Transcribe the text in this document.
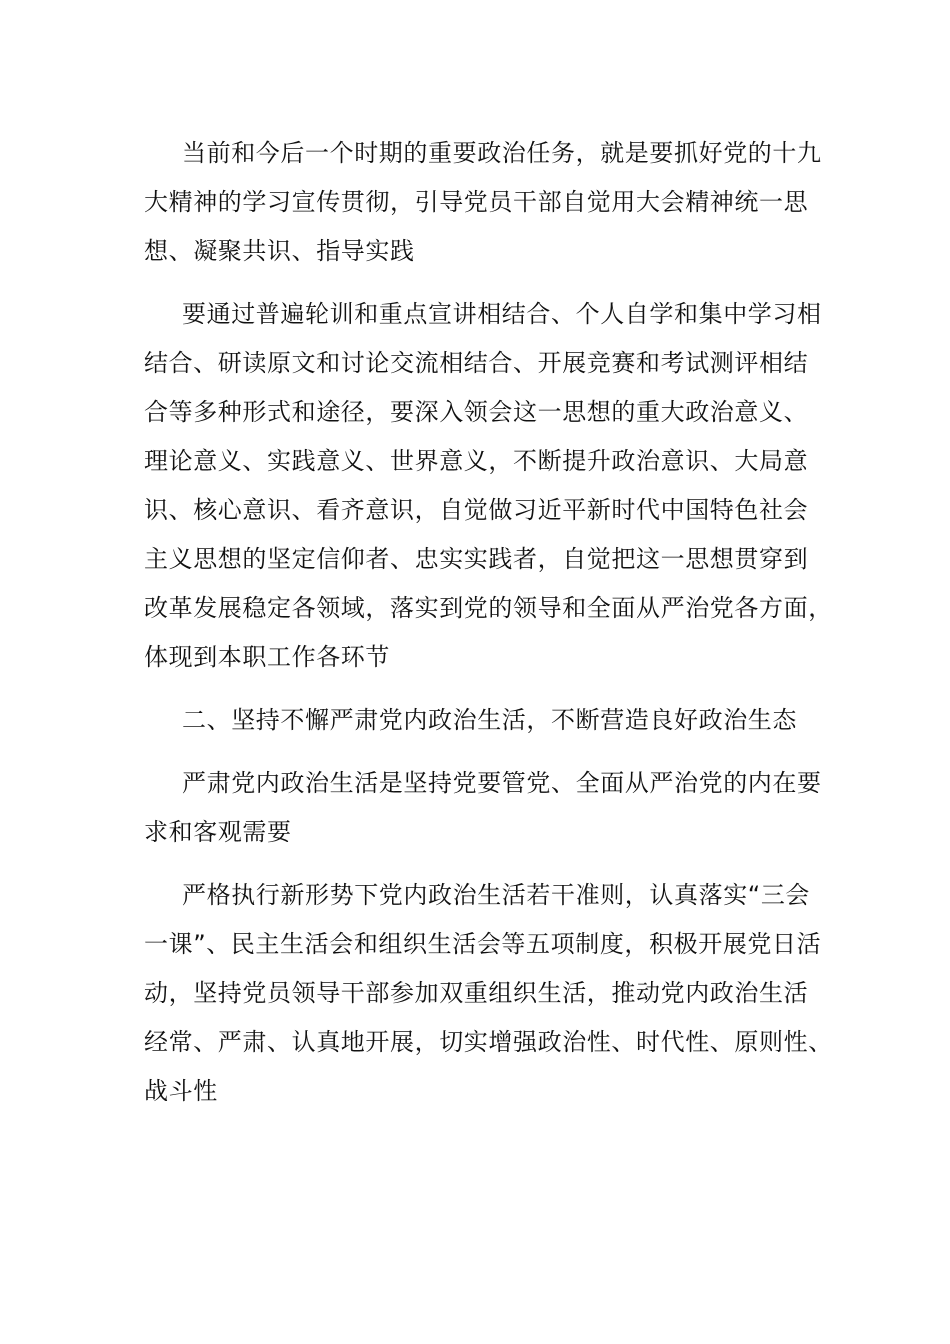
当前和今后一个时期的重要政治任务，就是要抓好党的十九
大精神的学习宣传贯彻，引导党员干部自觉用大会精神统一思
想、凝聚共识、指导实践
要通过普遍轮训和重点宣讲相结合、个人自学和集中学习相
结合、研读原文和讨论交流相结合、开展竞赛和考试测评相结
合等多种形式和途径，要深入领会这一思想的重大政治意义、
理论意义、实践意义、世界意义，不断提升政治意识、大局意
识、核心意识、看齐意识，自觉做习近平新时代中国特色社会
主义思想的坚定信仰者、忠实实践者，自觉把这一思想贯穿到
改革发展稳定各领域，落实到党的领导和全面从严治党各方面，
体现到本职工作各环节
二、坚持不懈严肃党内政治生活，不断营造良好政治生态
严肃党内政治生活是坚持党要管党、全面从严治党的内在要
求和客观需要
严格执行新形势下党内政治生活若干准则，认真落实“三会
一课”、民主生活会和组织生活会等五项制度，积极开展党日活
动，坚持党员领导干部参加双重组织生活，推动党内政治生活
经常、严肃、认真地开展，切实增强政治性、时代性、原则性、
战斗性
